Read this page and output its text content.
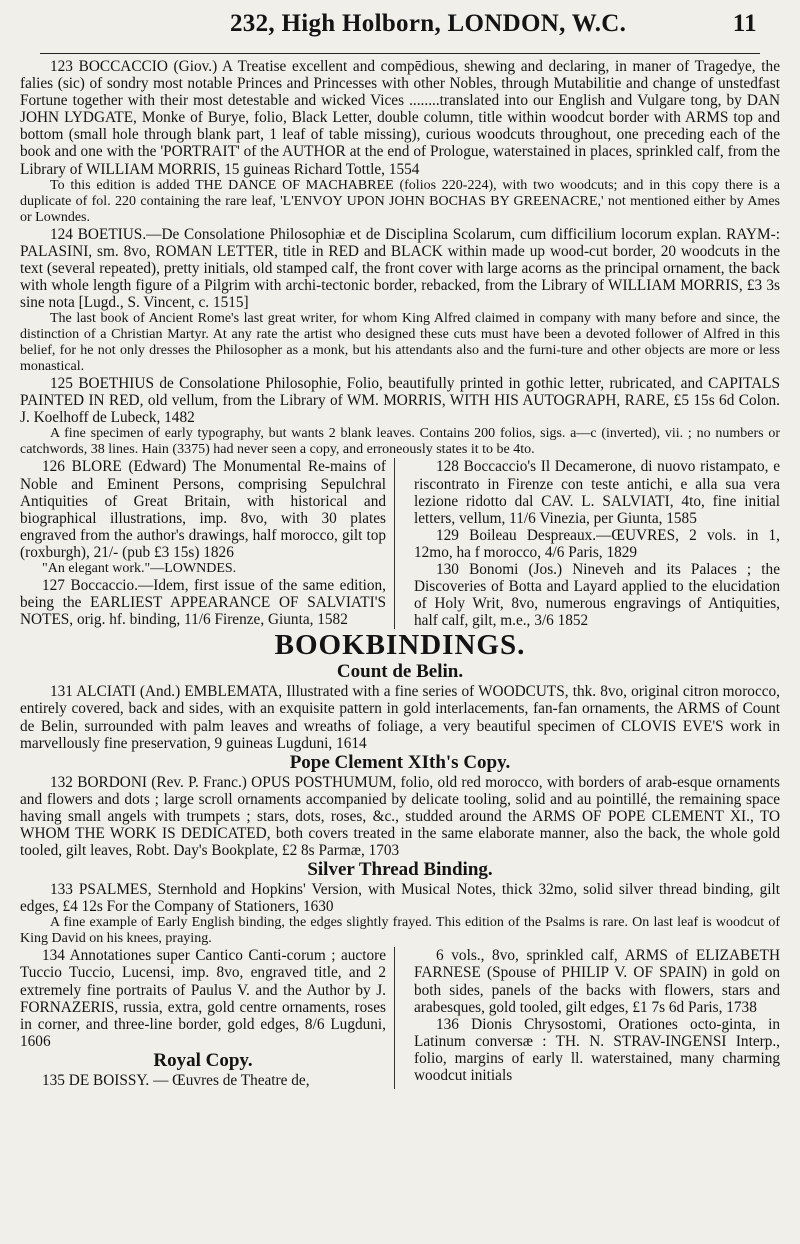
232, High Holborn, LONDON, W.C.	11

123 BOCCACCIO (Giov.) A Treatise excellent and compēdious, shewing and declaring, in maner of Tragedye, the falies (sic) of sondry most notable Princes and Princesses with other Nobles, through Mutabilitie and change of unstedfast Fortune together with their most detestable and wicked Vices ........translated into our English and Vulgare tong, by DAN JOHN LYDGATE, Monke of Burye, folio, Black Letter, double column, title within woodcut border with ARMS top and bottom (small hole through blank part, 1 leaf of table missing), curious woodcuts throughout, one preceding each of the book and one with the 'PORTRAIT' of the AUTHOR at the end of Prologue, waterstained in places, sprinkled calf, from the Library of WILLIAM MORRIS, 15 guineas Richard Tottle, 1554

To this edition is added THE DANCE OF MACHABREE (folios 220-224), with two woodcuts; and in this copy there is a duplicate of fol. 220 containing the rare leaf, 'L'ENVOY UPON JOHN BOCHAS BY GREENACRE,' not mentioned either by Ames or Lowndes.

124 BOETIUS.—De Consolatione Philosophiæ et de Disciplina Scolarum, cum difficilium locorum explan. RAYM-: PALASINI, sm. 8vo, ROMAN LETTER, title in RED and BLACK within made up wood-cut border, 20 woodcuts in the text (several repeated), pretty initials, old stamped calf, the front cover with large acorns as the principal ornament, the back with whole length figure of a Pilgrim with archi-tectonic border, rebacked, from the Library of WILLIAM MORRIS, £3 3s sine nota [Lugd., S. Vincent, c. 1515]

The last book of Ancient Rome's last great writer, for whom King Alfred claimed in company with many before and since, the distinction of a Christian Martyr. At any rate the artist who designed these cuts must have been a devoted follower of Alfred in this belief, for he not only dresses the Philosopher as a monk, but his attendants also and the furni-ture and other objects are more or less monastical.

125 BOETHIUS de Consolatione Philosophie, Folio, beautifully printed in gothic letter, rubricated, and CAPITALS PAINTED IN RED, old vellum, from the Library of WM. MORRIS, WITH HIS AUTOGRAPH, RARE, £5 15s 6d Colon. J. Koelhoff de Lubeck, 1482

A fine specimen of early typography, but wants 2 blank leaves. Contains 200 folios, sigs. a—c (inverted), vii. ; no numbers or catchwords, 38 lines. Hain (3375) had never seen a copy, and erroneously states it to be 4to.

126 BLORE (Edward) The Monumental Re-mains of Noble and Eminent Persons, comprising Sepulchral Antiquities of Great Britain, with historical and biographical illustrations, imp. 8vo, with 30 plates engraved from the author's drawings, half morocco, gilt top (roxburgh), 21/- (pub £3 15s) 1826

"An elegant work."—LOWNDES.

127 Boccaccio.—Idem, first issue of the same edition, being the EARLIEST APPEARANCE OF SALVIATI'S NOTES, orig. hf. binding, 11/6 Firenze, Giunta, 1582

128 Boccaccio's Il Decamerone, di nuovo ristampato, e riscontrato in Firenze con teste antichi, e alla sua vera lezione ridotto dal CAV. L. SALVIATI, 4to, fine initial letters, vellum, 11/6 Vinezia, per Giunta, 1585

129 Boileau Despreaux.—ŒUVRES, 2 vols. in 1, 12mo, ha f morocco, 4/6 Paris, 1829

130 Bonomi (Jos.) Nineveh and its Palaces ; the Discoveries of Botta and Layard applied to the elucidation of Holy Writ, 8vo, numerous engravings of Antiquities, half calf, gilt, m.e., 3/6 1852

BOOKBINDINGS.

Count de Belin.

131 ALCIATI (And.) EMBLEMATA, Illustrated with a fine series of WOODCUTS, thk. 8vo, original citron morocco, entirely covered, back and sides, with an exquisite pattern in gold interlacements, fan-fan ornaments, the ARMS of Count de Belin, surrounded with palm leaves and wreaths of foliage, a very beautiful specimen of CLOVIS EVE'S work in marvellously fine preservation, 9 guineas Lugduni, 1614

Pope Clement XIth's Copy.

132 BORDONI (Rev. P. Franc.) OPUS POSTHUMUM, folio, old red morocco, with borders of arab-esque ornaments and flowers and dots ; large scroll ornaments accompanied by delicate tooling, solid and au pointillé, the remaining space having small angels with trumpets ; stars, dots, roses, &c., studded around the ARMS OF POPE CLEMENT XI., TO WHOM THE WORK IS DEDICATED, both covers treated in the same elaborate manner, also the back, the whole gold tooled, gilt leaves, Robt. Day's Bookplate, £2 8s Parmæ, 1703

Silver Thread Binding.

133 PSALMES, Sternhold and Hopkins' Version, with Musical Notes, thick 32mo, solid silver thread binding, gilt edges, £4 12s For the Company of Stationers, 1630

A fine example of Early English binding, the edges slightly frayed. This edition of the Psalms is rare. On last leaf is woodcut of King David on his knees, praying.

134 Annotationes super Cantico Canti-corum ; auctore Tuccio Tuccio, Lucensi, imp. 8vo, engraved title, and 2 extremely fine portraits of Paulus V. and the Author by J. FORNAZERIS, russia, extra, gold centre ornaments, roses in corner, and three-line border, gold edges, 8/6 Lugduni, 1606

Royal Copy.

135 DE BOISSY. — Œuvres de Theatre de,

6 vols., 8vo, sprinkled calf, ARMS of ELIZABETH FARNESE (Spouse of PHILIP V. OF SPAIN) in gold on both sides, panels of the backs with flowers, stars and arabesques, gold tooled, gilt edges, £1 7s 6d Paris, 1738

136 Dionis Chrysostomi, Orationes octo-ginta, in Latinum conversæ : TH. N. STRAV-INGENSI Interp., folio, margins of early ll. waterstained, many charming woodcut initials
